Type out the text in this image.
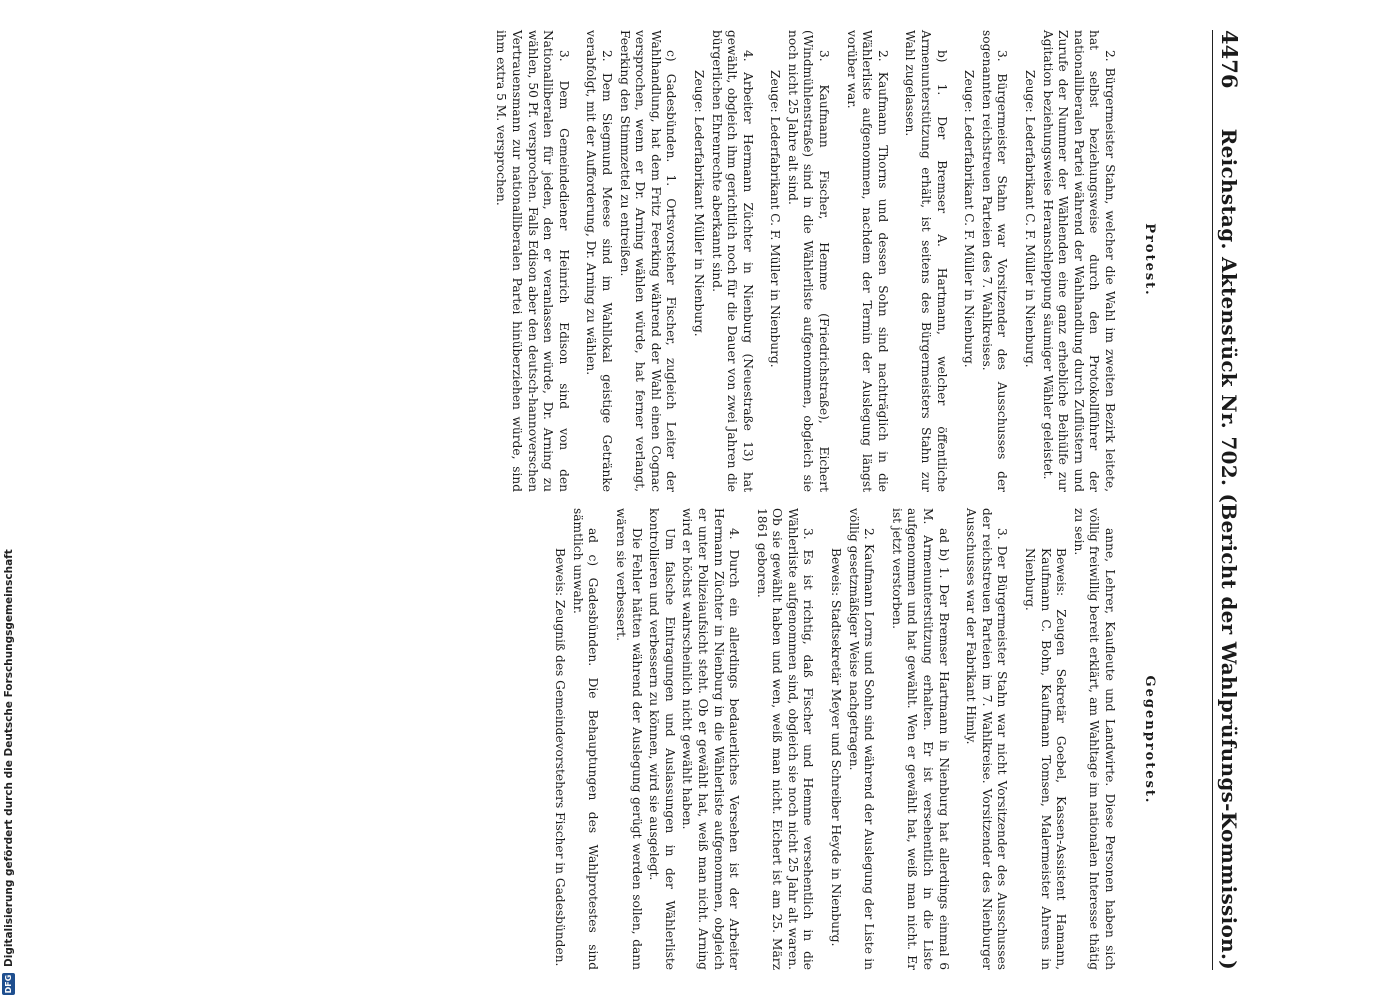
4476
Reichstag. Aktenstück Nr. 702. (Bericht der Wahlprüfungs-Kommission.)
Protest.
Gegenprotest.

2. Bürgermeister Stahn, welcher die Wahl im zweiten Bezirk leitete, hat selbst beziehungsweise durch den Protokollführer der nationalliberalen Partei während der Wahlhandlung durch Zuflüstern und Zurufe der Nummer der Wählenden eine ganz erhebliche Beihülfe zur Agitation beziehungsweise Heranschleppung säumiger Wähler geleistet.

Zeuge: Lederfabrikant C. F. Müller in Nienburg.

3. Bürgermeister Stahn war Vorsitzender des Ausschusses der sogenannten reichstreuen Parteien des 7. Wahlkreises.

Zeuge: Lederfabrikant C. F. Müller in Nienburg.

b) 1. Der Bremser A. Hartmann, welcher öffentliche Armenunterstützung erhält, ist seitens des Bürgermeisters Stahn zur Wahl zugelassen.

2. Kaufmann Thorns und dessen Sohn sind nachträglich in die Wählerliste aufgenommen, nachdem der Termin der Auslegung längst vorüber war.

3. Kaufmann Fischer, Hemme (Friedrichstraße), Eichert (Windmühlenstraße) sind in die Wählerliste aufgenommen, obgleich sie noch nicht 25 Jahre alt sind.

Zeuge: Lederfabrikant C. F. Müller in Nienburg.

4. Arbeiter Hermann Züchter in Nienburg (Neuestraße 13) hat gewählt, obgleich ihm gerichtlich noch für die Dauer von zwei Jahren die bürgerlichen Ehrenrechte aberkannt sind.

Zeuge: Lederfabrikant Müller in Nienburg.

c) Gadesbünden. 1. Ortsvorsteher Fischer, zugleich Leiter der Wahlhandlung, hat dem Fritz Feerking während der Wahl einen Cognac versprochen, wenn er Dr. Arning wählen würde, hat ferner verlangt, Feerking den Stimmzettel zu entreißen.

2. Dem Siegmund Meese sind im Wahllokal geistige Getränke verabfolgt, mit der Aufforderung, Dr. Arning zu wählen.

3. Dem Gemeindediener Heinrich Edison sind von den Nationalliberalen für jeden, den er veranlassen würde, Dr. Arning zu wählen, 50 Pf. versprochen. Falls Edison aber den deutsch-hannoverschen Vertrauensmann zur nationalliberalen Partei hinüberziehen würde, sind ihm extra 5 M. versprochen.

anne, Lehrer, Kaufleute und Landwirte. Diese Personen haben sich völlig freiwillig bereit erklärt, am Wahltage im nationalen Interesse thätig zu sein.

Beweis: Zeugen Sekretär Goebel, Kassen-Assistent Hamann, Kaufmann C. Bohn, Kaufmann Tomsen, Malermeister Ahrens in Nienburg.

3. Der Bürgermeister Stahn war nicht Vorsitzender des Ausschusses der reichstreuen Parteien im 7. Wahlkreise. Vorsitzender des Nienburger Ausschusses war der Fabrikant Himly.

ad b) 1. Der Bremser Hartmann in Nienburg hat allerdings einmal 6 M. Armenunterstützung erhalten. Er ist versehentlich in die Liste aufgenommen und hat gewählt. Wen er gewählt hat, weiß man nicht. Er ist jetzt verstorben.

2. Kaufmann Lorns und Sohn sind während der Auslegung der Liste in völlig gesetzmäßiger Weise nachgetragen.

Beweis: Stadtsekretär Meyer und Schreiber Heyde in Nienburg.

3. Es ist richtig, daß Fischer und Hemme versehentlich in die Wählerliste aufgenommen sind, obgleich sie noch nicht 25 Jahr alt waren. Ob sie gewählt haben und wen, weiß man nicht. Eichert ist am 25. März 1861 geboren.

4. Durch ein allerdings bedauerliches Versehen ist der Arbeiter Hermann Züchter in Nienburg in die Wählerliste aufgenommen, obgleich er unter Polizeiaufsicht steht. Ob er gewählt hat, weiß man nicht. Arning wird er höchst wahrscheinlich nicht gewählt haben.

Um falsche Eintragungen und Auslassungen in der Wählerliste kontrollieren und verbessern zu können, wird sie ausgelegt.

Die Fehler hätten während der Auslegung gerügt werden sollen, dann wären sie verbessert.

ad c) Gadesbünden. Die Behauptungen des Wahlprotestes sind sämtlich unwahr.

Beweis: Zeugniß des Gemeindevorstehers Fischer in Gadesbünden.

DFG
Digitalisierung gefördert durch die Deutsche Forschungsgemeinschaft
